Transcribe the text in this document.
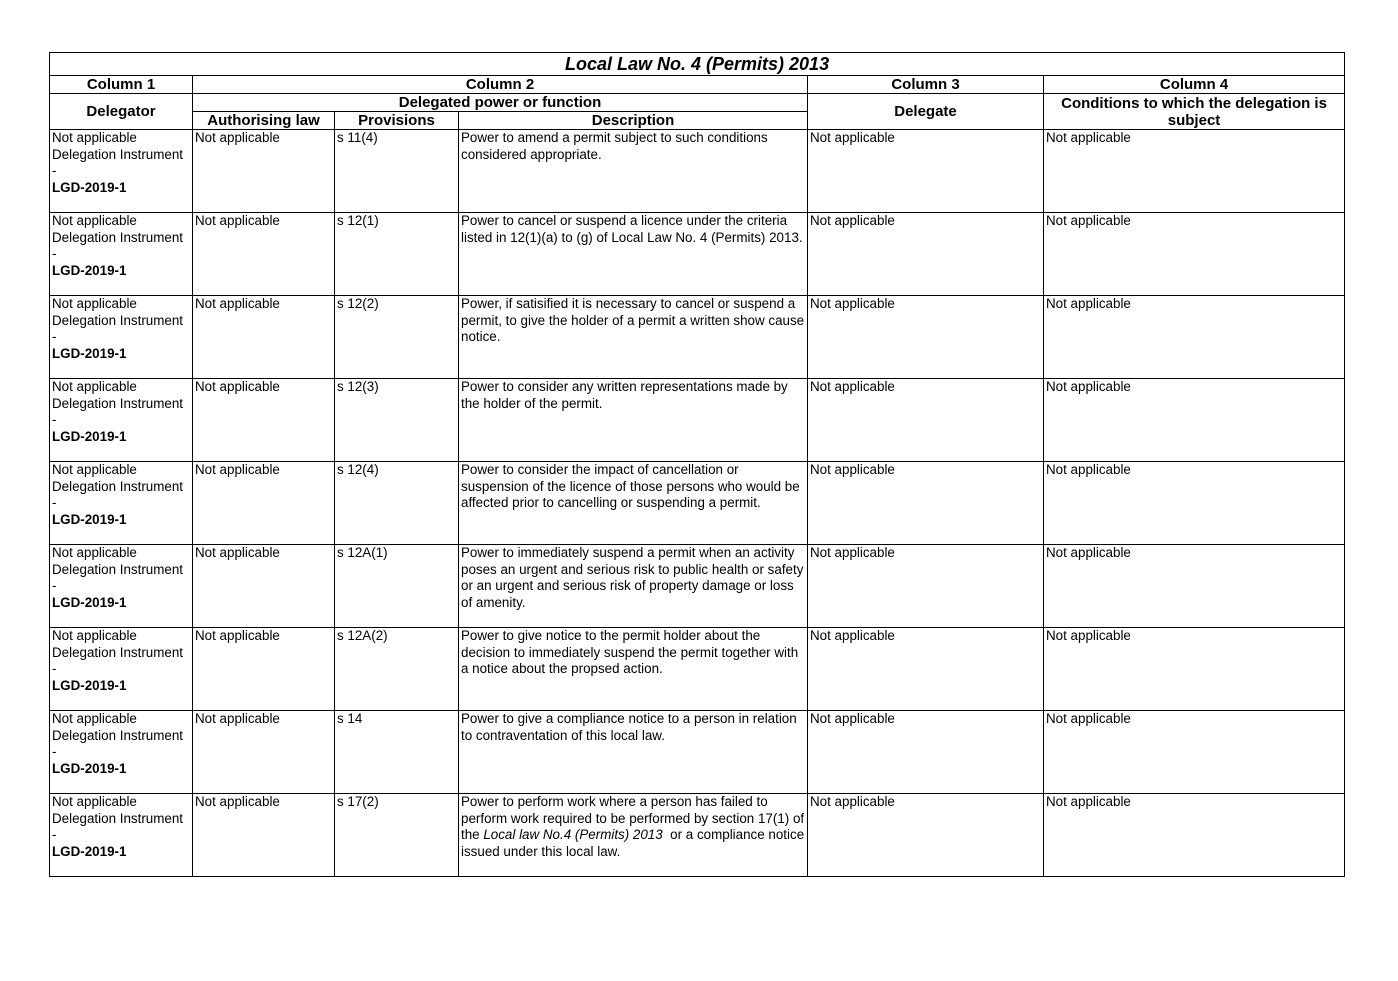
Local Law No. 4 (Permits) 2013					
Column 1	Column 2			Column 3	Column 4
Delegator	Delegated power or function			Delegate	Conditions to which the delegation is subject
	Authorising law	Provisions	Description		

Not applicable
Delegation Instrument -
LGD-2019-1	Not applicable	s 11(4)	Power to amend a permit subject to such conditions considered appropriate.	Not applicable	Not applicable

Not applicable
Delegation Instrument -
LGD-2019-1	Not applicable	s 12(1)	Power to cancel or suspend a licence under the criteria listed in 12(1)(a) to (g) of Local Law No. 4 (Permits) 2013.	Not applicable	Not applicable

Not applicable
Delegation Instrument -
LGD-2019-1	Not applicable	s 12(2)	Power, if satisified it is necessary to cancel or suspend a permit, to give the holder of a permit a written show cause notice.	Not applicable	Not applicable

Not applicable
Delegation Instrument -
LGD-2019-1	Not applicable	s 12(3)	Power to consider any written representations made by the holder of the permit.	Not applicable	Not applicable

Not applicable
Delegation Instrument -
LGD-2019-1	Not applicable	s 12(4)	Power to consider the impact of cancellation or suspension of the licence of those persons who would be affected prior to cancelling or suspending a permit.	Not applicable	Not applicable

Not applicable
Delegation Instrument -
LGD-2019-1	Not applicable	s 12A(1)	Power to immediately suspend a permit when an activity poses an urgent and serious risk to public health or safety or an urgent and serious risk of property damage or loss of amenity.	Not applicable	Not applicable

Not applicable
Delegation Instrument -
LGD-2019-1	Not applicable	s 12A(2)	Power to give notice to the permit holder about the decision to immediately suspend the permit together with a notice about the propsed action.	Not applicable	Not applicable

Not applicable
Delegation Instrument -
LGD-2019-1	Not applicable	s 14	Power to give a compliance notice to a person in relation to contraventation of this local law.	Not applicable	Not applicable

Not applicable
Delegation Instrument -
LGD-2019-1	Not applicable	s 17(2)	Power to perform work where a person has failed to perform work required to be performed by section 17(1) of the Local law No.4 (Permits) 2013  or a compliance notice issued under this local law.	Not applicable	Not applicable
